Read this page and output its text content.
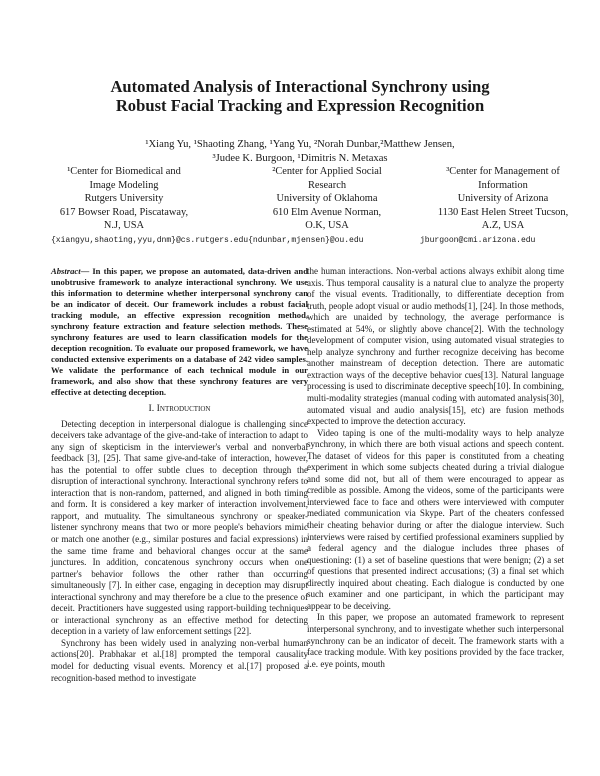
Automated Analysis of Interactional Synchrony using
Robust Facial Tracking and Expression Recognition
¹Xiang Yu, ¹Shaoting Zhang, ¹Yang Yu, ²Norah Dunbar,²Matthew Jensen,
³Judee K. Burgoon, ¹Dimitris N. Metaxas
¹Center for Biomedical and
Image Modeling
Rutgers University
617 Bowser Road, Piscataway,
N.J, USA
²Center for Applied Social
Research
University of Oklahoma
610 Elm Avenue Norman,
O.K, USA
³Center for Management of
Information
University of Arizona
1130 East Helen Street Tucson,
A.Z, USA
{xiangyu,shaoting,yyu,dnm}@cs.rutgers.edu{ndunbar,mjensen}@ou.edu	jburgoon@cmi.arizona.edu

Abstract— In this paper, we propose an automated, data-driven and unobtrusive framework to analyze interactional synchrony. We use this information to determine whether interpersonal synchrony can be an indicator of deceit. Our framework includes a robust facial tracking module, an effective expression recognition method, synchrony feature extraction and feature selection methods. These synchrony features are used to learn classification models for the deception recognition. To evaluate our proposed framework, we have conducted extensive experiments on a database of 242 video samples. We validate the performance of each technical module in our framework, and also show that these synchrony features are very effective at detecting deception.

I. Introduction

Detecting deception in interpersonal dialogue is challenging since deceivers take advantage of the give-and-take of interaction to adapt to any sign of skepticism in the interviewer's verbal and nonverbal feedback [3], [25]. That same give-and-take of interaction, however, has the potential to offer subtle clues to deception through the disruption of interactional synchrony. Interactional synchrony refers to interaction that is non-random, patterned, and aligned in both timing and form. It is considered a key marker of interaction involvement, rapport, and mutuality. The simultaneous synchrony or speaker-listener synchrony means that two or more people's behaviors mimic or match one another (e.g., similar postures and facial expressions) in the same time frame and behavioral changes occur at the same junctures. In addition, concatenous synchrony occurs when one partner's behavior follows the other rather than occurring simultaneously [7]. In either case, engaging in deception may disrupt interactional synchrony and may therefore be a clue to the presence of deceit. Practitioners have suggested using rapport-building techniques or interactional synchrony as an effective method for detecting deception in a variety of law enforcement settings [22].

Synchrony has been widely used in analyzing non-verbal human actions[20]. Prabhakar et al.[18] prompted the temporal causality model for deducting visual events. Morency et al.[17] proposed a recognition-based method to investigate

the human interactions. Non-verbal actions always exhibit along time axis. Thus temporal causality is a natural clue to analyze the property of the visual events. Traditionally, to differentiate deception from truth, people adopt visual or audio methods[1], [24]. In those methods, which are unaided by technology, the average performance is estimated at 54%, or slightly above chance[2]. With the technology development of computer vision, using automated visual strategies to help analyze synchrony and further recognize deceiving has become another mainstream of deception detection. There are automatic extraction ways of the deceptive behavior cues[13]. Natural language processing is used to discriminate deceptive speech[10]. In combining, multi-modality strategies (manual coding with automated analysis[30], automated visual and audio analysis[15], etc) are fusion methods expected to improve the detection accuracy.

Video taping is one of the multi-modality ways to help analyze synchrony, in which there are both visual actions and speech content. The dataset of videos for this paper is constituted from a cheating experiment in which some subjects cheated during a trivial dialogue and some did not, but all of them were encouraged to appear as credible as possible. Among the videos, some of the participants were interviewed face to face and others were interviewed with computer mediated communication via Skype. Part of the cheaters confessed their cheating behavior during or after the dialogue interview. Such interviews were raised by certified professional examiners supplied by a federal agency and the dialogue includes three phases of questioning: (1) a set of baseline questions that were benign; (2) a set of questions that presented indirect accusations; (3) a final set which directly inquired about cheating. Each dialogue is conducted by one such examiner and one participant, in which the participant may appear to be deceiving.

In this paper, we propose an automated framework to represent interpersonal synchrony, and to investigate whether such interpersonal synchrony can be an indicator of deceit. The framework starts with a face tracking module. With key positions provided by the face tracker, i.e. eye points, mouth
